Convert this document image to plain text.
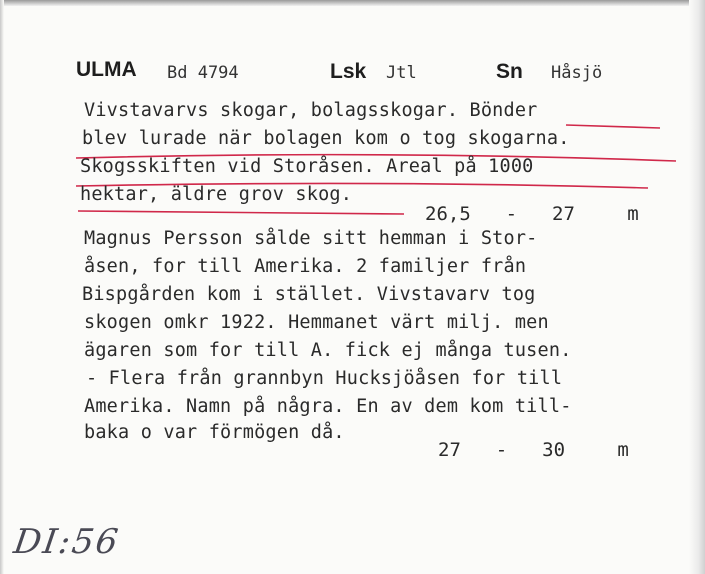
ULMA Bd 4794	Lsk Jtl	Sn Håsjö
Vivstavarvs skogar, bolagsskogar. Bönder
blev lurade när bolagen kom o tog skogarna.
Skogsskiften vid Storåsen. Areal på 1000
hektar, äldre grov skog.
26,5 - 27	m
Magnus Persson sålde sitt hemman i Stor-
åsen, for till Amerika. 2 familjer från
Bispgården kom i stället. Vivstavarv tog
skogen omkr 1922. Hemmanet värt milj. men
ägaren som for till A. fick ej många tusen.
- Flera från grannbyn Hucksjöåsen for till
Amerika. Namn på några. En av dem kom till-
baka o var förmögen då.
27 - 30	m
DI:56
